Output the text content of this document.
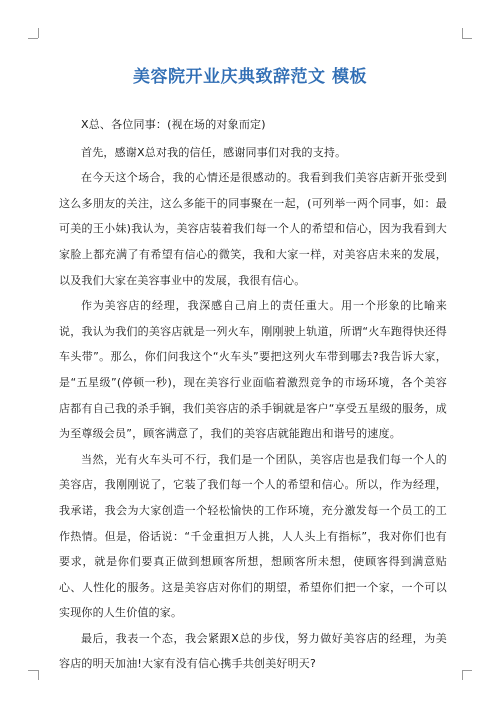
美容院开业庆典致辞范文 模板

X总、各位同事：(视在场的对象而定)

首先，感谢X总对我的信任，感谢同事们对我的支持。

在今天这个场合，我的心情还是很感动的。我看到我们美容店新开张受到这么多朋友的关注，这么多能干的同事聚在一起，(可列举一两个同事，如：最可美的王小妹)我认为，美容店装着我们每一个人的希望和信心，因为我看到大家脸上都充满了有希望有信心的微笑，我和大家一样，对美容店未来的发展，以及我们大家在美容事业中的发展，我很有信心。

作为美容店的经理，我深感自己肩上的责任重大。用一个形象的比喻来说，我认为我们的美容店就是一列火车，刚刚驶上轨道，所谓“火车跑得快还得车头带”。那么，你们问我这个“火车头”要把这列火车带到哪去?我告诉大家，是“五星级”(停顿一秒)，现在美容行业面临着激烈竞争的市场环境，各个美容店都有自己我的杀手锏，我们美容店的杀手锏就是客户“享受五星级的服务，成为至尊级会员”，顾客满意了，我们的美容店就能跑出和谐号的速度。

当然，光有火车头可不行，我们是一个团队，美容店也是我们每一个人的美容店，我刚刚说了，它装了我们每一个人的希望和信心。所以，作为经理，我承诺，我会为大家创造一个轻松愉快的工作环境，充分激发每一个员工的工作热情。但是，俗话说：“千金重担万人挑，人人头上有指标”，我对你们也有要求，就是你们要真正做到想顾客所想，想顾客所未想，使顾客得到满意贴心、人性化的服务。这是美容店对你们的期望，希望你们把一个家，一个可以实现你的人生价值的家。

最后，我表一个态，我会紧跟X总的步伐，努力做好美容店的经理，为美容店的明天加油!大家有没有信心携手共创美好明天?
